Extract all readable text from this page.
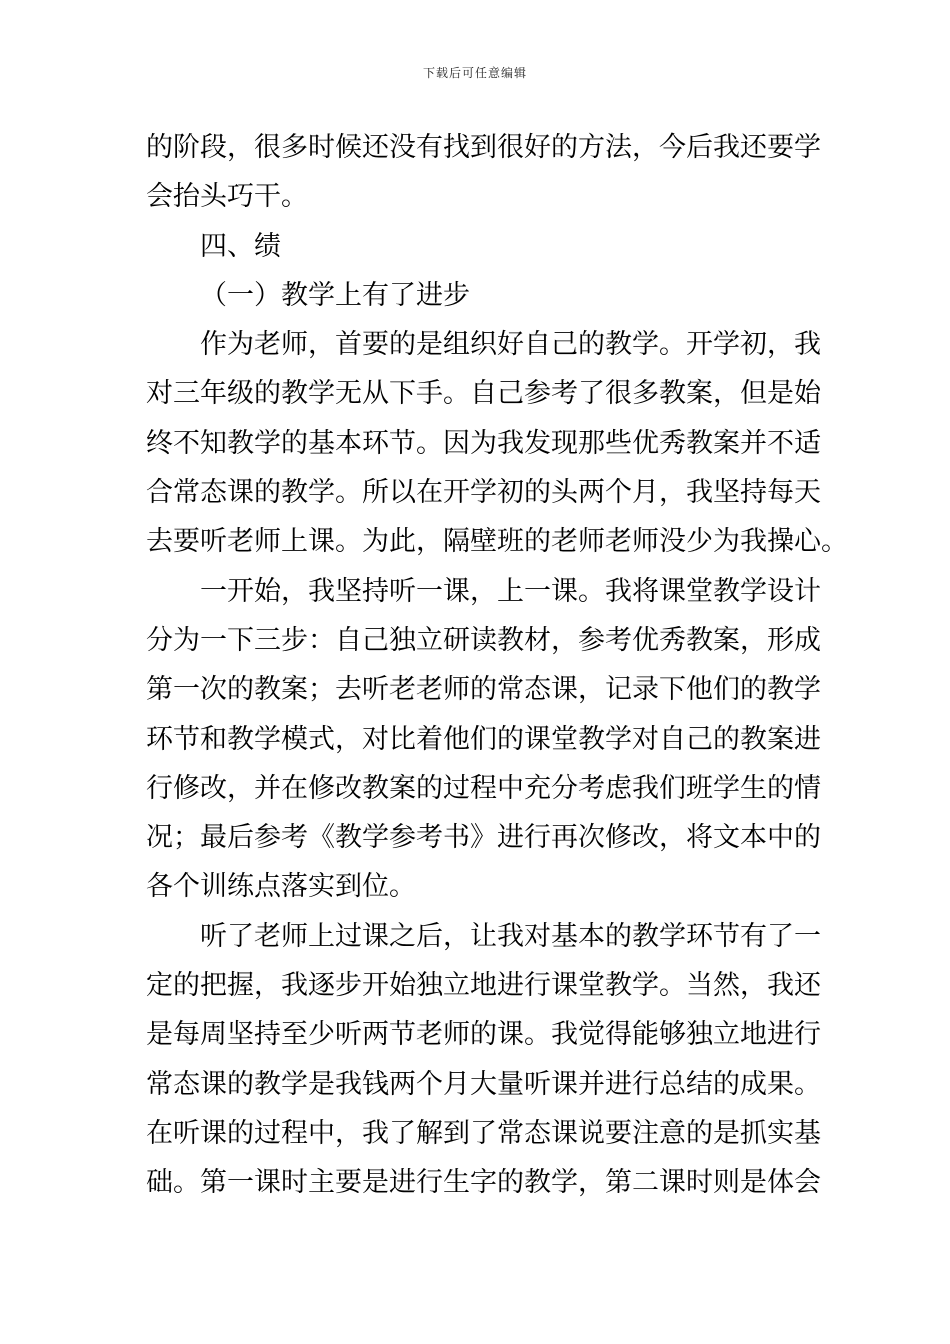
下载后可任意编辑
的阶段，很多时候还没有找到很好的方法，今后我还要学
会抬头巧干。
四、绩
（一）教学上有了进步
作为老师，首要的是组织好自己的教学。开学初，我
对三年级的教学无从下手。自己参考了很多教案，但是始
终不知教学的基本环节。因为我发现那些优秀教案并不适
合常态课的教学。所以在开学初的头两个月，我坚持每天
去要听老师上课。为此，隔壁班的老师老师没少为我操心。
一开始，我坚持听一课，上一课。我将课堂教学设计
分为一下三步：自己独立研读教材，参考优秀教案，形成
第一次的教案；去听老老师的常态课，记录下他们的教学
环节和教学模式，对比着他们的课堂教学对自己的教案进
行修改，并在修改教案的过程中充分考虑我们班学生的情
况；最后参考《教学参考书》进行再次修改，将文本中的
各个训练点落实到位。
听了老师上过课之后，让我对基本的教学环节有了一
定的把握，我逐步开始独立地进行课堂教学。当然，我还
是每周坚持至少听两节老师的课。我觉得能够独立地进行
常态课的教学是我钱两个月大量听课并进行总结的成果。
在听课的过程中，我了解到了常态课说要注意的是抓实基
础。第一课时主要是进行生字的教学，第二课时则是体会
